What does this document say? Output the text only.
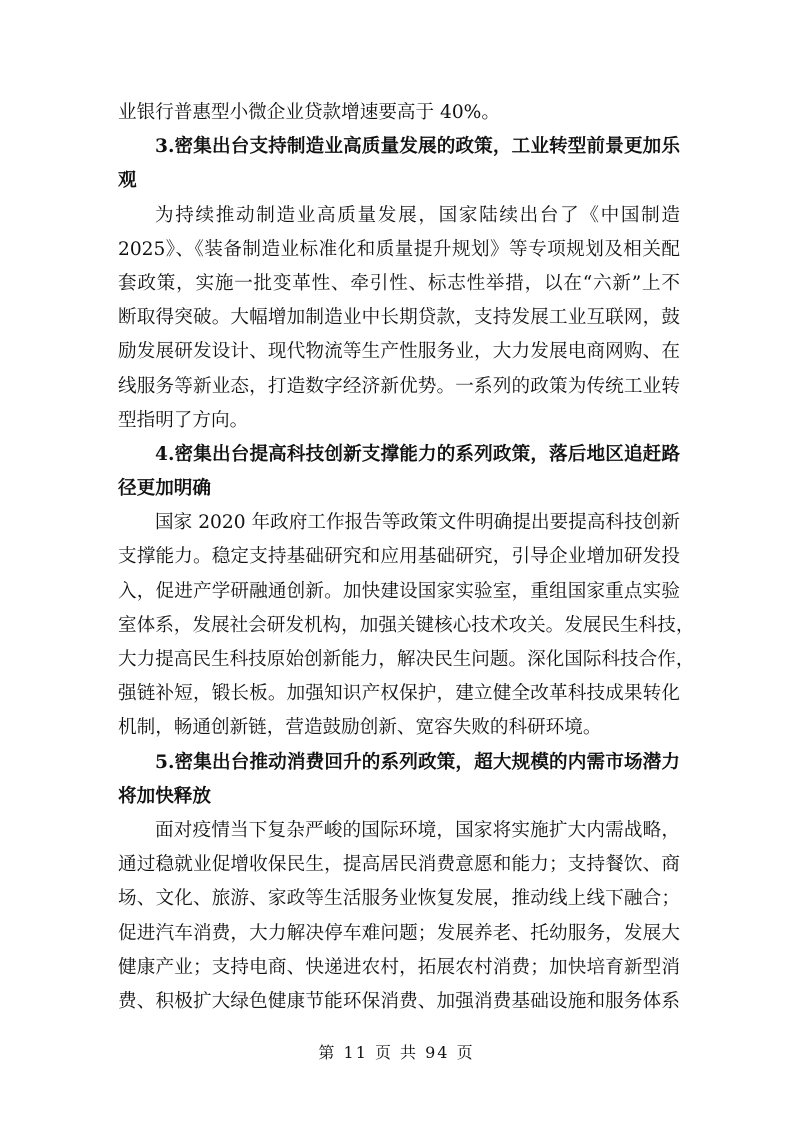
业银行普惠型小微企业贷款增速要高于 40%。
3.密集出台支持制造业高质量发展的政策，工业转型前景更加乐
观
为持续推动制造业高质量发展，国家陆续出台了《中国制造
2025》、《装备制造业标准化和质量提升规划》等专项规划及相关配
套政策，实施一批变革性、牵引性、标志性举措，以在“六新”上不
断取得突破。大幅增加制造业中长期贷款，支持发展工业互联网，鼓
励发展研发设计、现代物流等生产性服务业，大力发展电商网购、在
线服务等新业态，打造数字经济新优势。一系列的政策为传统工业转
型指明了方向。
4.密集出台提高科技创新支撑能力的系列政策，落后地区追赶路
径更加明确
国家 2020 年政府工作报告等政策文件明确提出要提高科技创新
支撑能力。稳定支持基础研究和应用基础研究，引导企业增加研发投
入，促进产学研融通创新。加快建设国家实验室，重组国家重点实验
室体系，发展社会研发机构，加强关键核心技术攻关。发展民生科技，
大力提高民生科技原始创新能力，解决民生问题。深化国际科技合作，
强链补短，锻长板。加强知识产权保护，建立健全改革科技成果转化
机制，畅通创新链，营造鼓励创新、宽容失败的科研环境。
5.密集出台推动消费回升的系列政策，超大规模的内需市场潜力
将加快释放
面对疫情当下复杂严峻的国际环境，国家将实施扩大内需战略，
通过稳就业促增收保民生，提高居民消费意愿和能力；支持餐饮、商
场、文化、旅游、家政等生活服务业恢复发展，推动线上线下融合；
促进汽车消费，大力解决停车难问题；发展养老、托幼服务，发展大
健康产业；支持电商、快递进农村，拓展农村消费；加快培育新型消
费、积极扩大绿色健康节能环保消费、加强消费基础设施和服务体系
第 11 页 共 94 页
